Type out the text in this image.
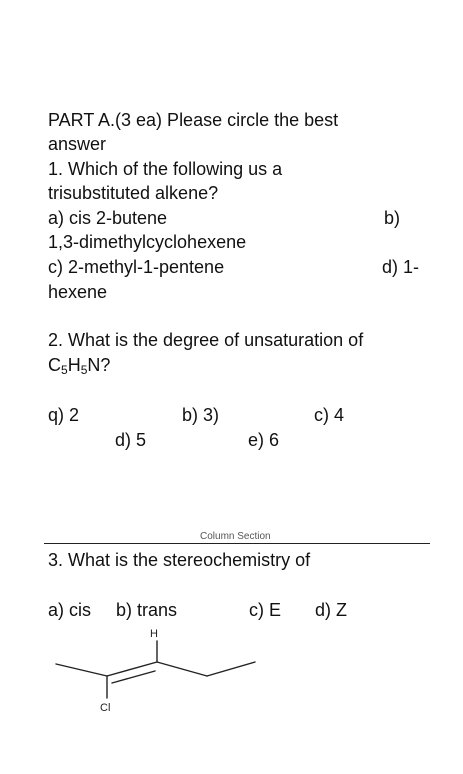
PART A.(3 ea) Please circle the best
answer
1. Which of the following us a
trisubstituted alkene?
a) cis 2-butene	b)
1,3-dimethylcyclohexene
c) 2-methyl-1-pentene	d) 1-
hexene
2. What is the degree of unsaturation of
$C_5H_5N$?
q) 2	b) 3)	c) 4
d) 5	e) 6
Column Section
3. What is the stereochemistry of
a) cis b) trans	c) E d) Z
H
Cl
